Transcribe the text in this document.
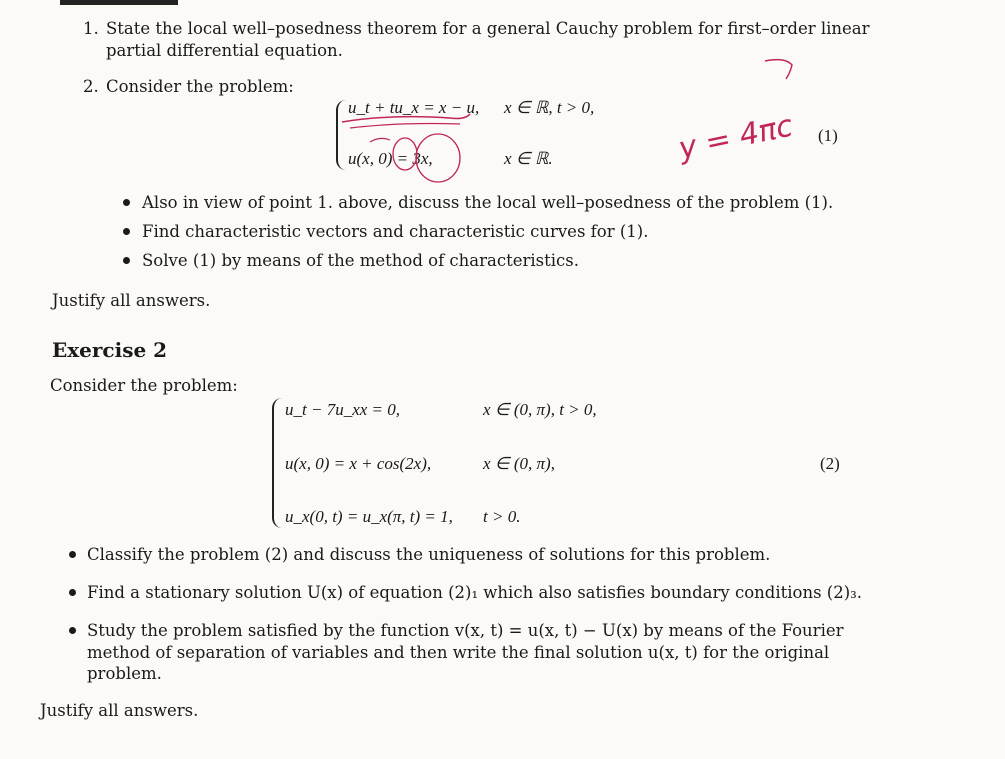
1. State the local well–posedness theorem for a general Cauchy problem for first–order linear
partial differential equation.
2. Consider the problem:
u_t + tu_x = x − u, x ∈ ℝ, t > 0,
u(x, 0) = 3x,	x ∈ ℝ.
(1)
y = 4πc
Also in view of point 1. above, discuss the local well–posedness of the problem (1).
Find characteristic vectors and characteristic curves for (1).
Solve (1) by means of the method of characteristics.
Justify all answers.
Exercise 2
Consider the problem:
u_t − 7u_xx = 0,	x ∈ (0, π), t > 0,
u(x, 0) = x + cos(2x),	x ∈ (0, π),
u_x(0, t) = u_x(π, t) = 1, t > 0.
(2)
Classify the problem (2) and discuss the uniqueness of solutions for this problem.
Find a stationary solution U(x) of equation (2)₁ which also satisfies boundary conditions (2)₃.
Study the problem satisfied by the function v(x, t) = u(x, t) − U(x) by means of the Fourier
method of separation of variables and then write the final solution u(x, t) for the original
problem.
Justify all answers.
